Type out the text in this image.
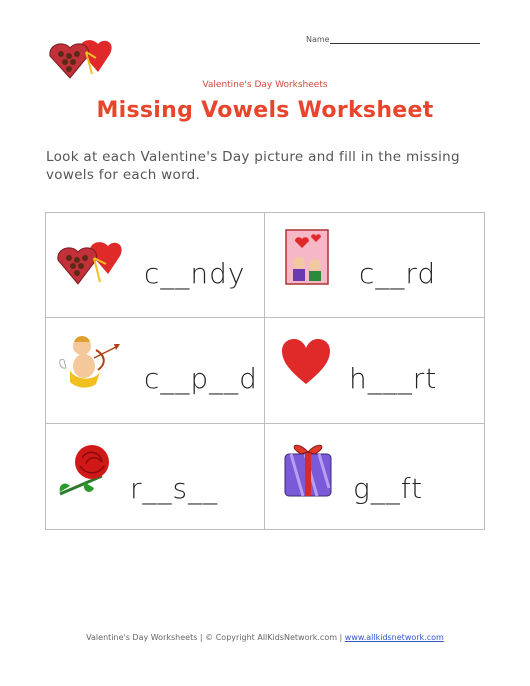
Name
Valentine's Day Worksheets
Missing Vowels Worksheet
Look at each Valentine's Day picture and fill in the missing vowels for each word.
c__ndy	c__rd
c__p__d	h___rt
r__s__	g__ft
Valentine's Day Worksheets | © Copyright AllKidsNetwork.com | www.allkidsnetwork.com
